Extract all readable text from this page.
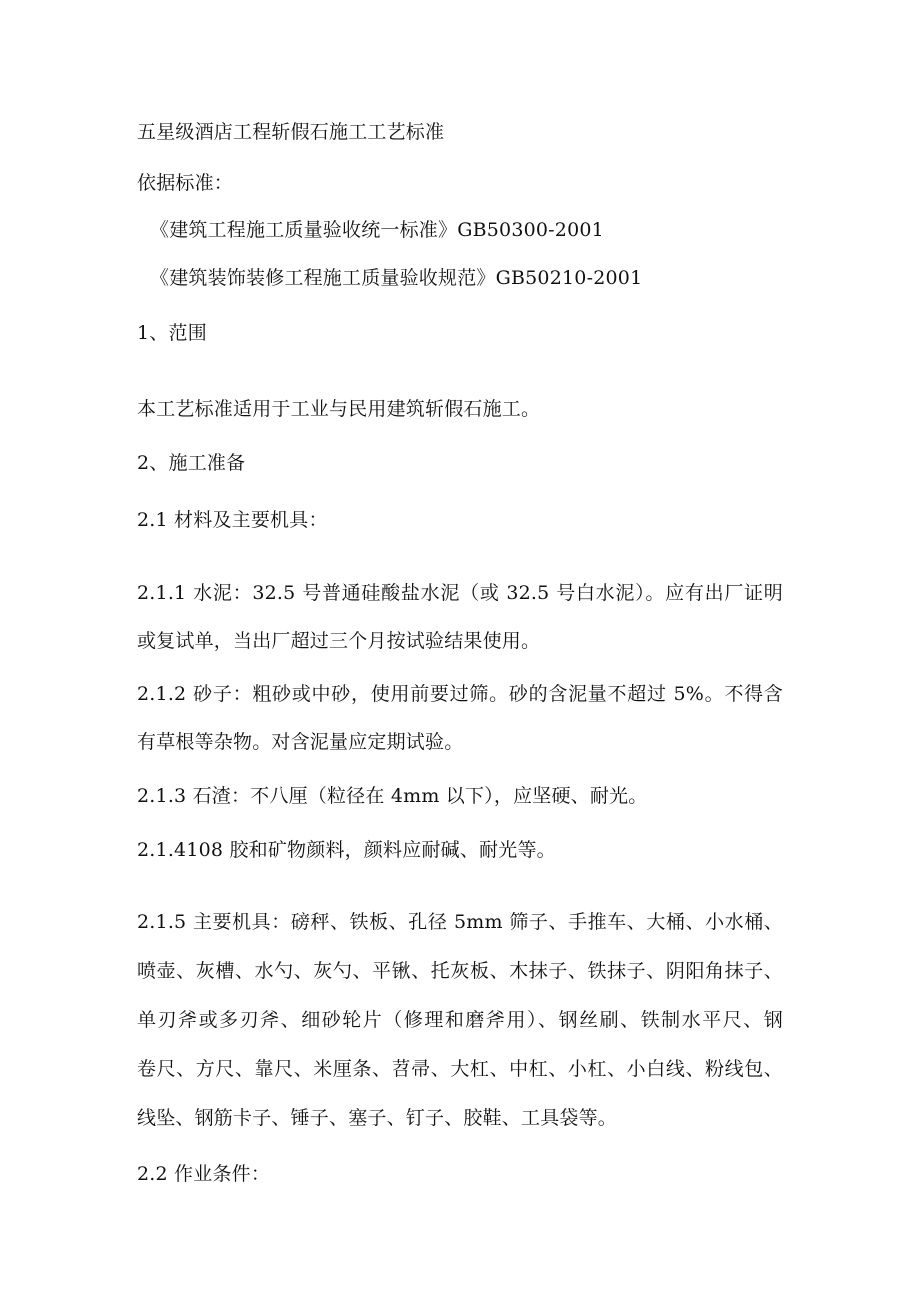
五星级酒店工程斩假石施工工艺标准
依据标准：
《建筑工程施工质量验收统一标准》GB50300-2001
《建筑装饰装修工程施工质量验收规范》GB50210-2001
1、范围
本工艺标准适用于工业与民用建筑斩假石施工。
2、施工准备
2.1 材料及主要机具：
2.1.1 水泥：32.5 号普通硅酸盐水泥（或 32.5 号白水泥）。应有出厂证明
或复试单，当出厂超过三个月按试验结果使用。
2.1.2 砂子：粗砂或中砂，使用前要过筛。砂的含泥量不超过 5%。不得含
有草根等杂物。对含泥量应定期试验。
2.1.3 石渣：不八厘（粒径在 4mm 以下），应坚硬、耐光。
2.1.4108 胶和矿物颜料，颜料应耐碱、耐光等。
2.1.5 主要机具：磅秤、铁板、孔径 5mm 筛子、手推车、大桶、小水桶、
喷壶、灰槽、水勺、灰勺、平锹、托灰板、木抹子、铁抹子、阴阳角抹子、
单刃斧或多刃斧、细砂轮片（修理和磨斧用）、钢丝刷、铁制水平尺、钢
卷尺、方尺、靠尺、米厘条、苕帚、大杠、中杠、小杠、小白线、粉线包、
线坠、钢筋卡子、锤子、塞子、钉子、胶鞋、工具袋等。
2.2 作业条件：
